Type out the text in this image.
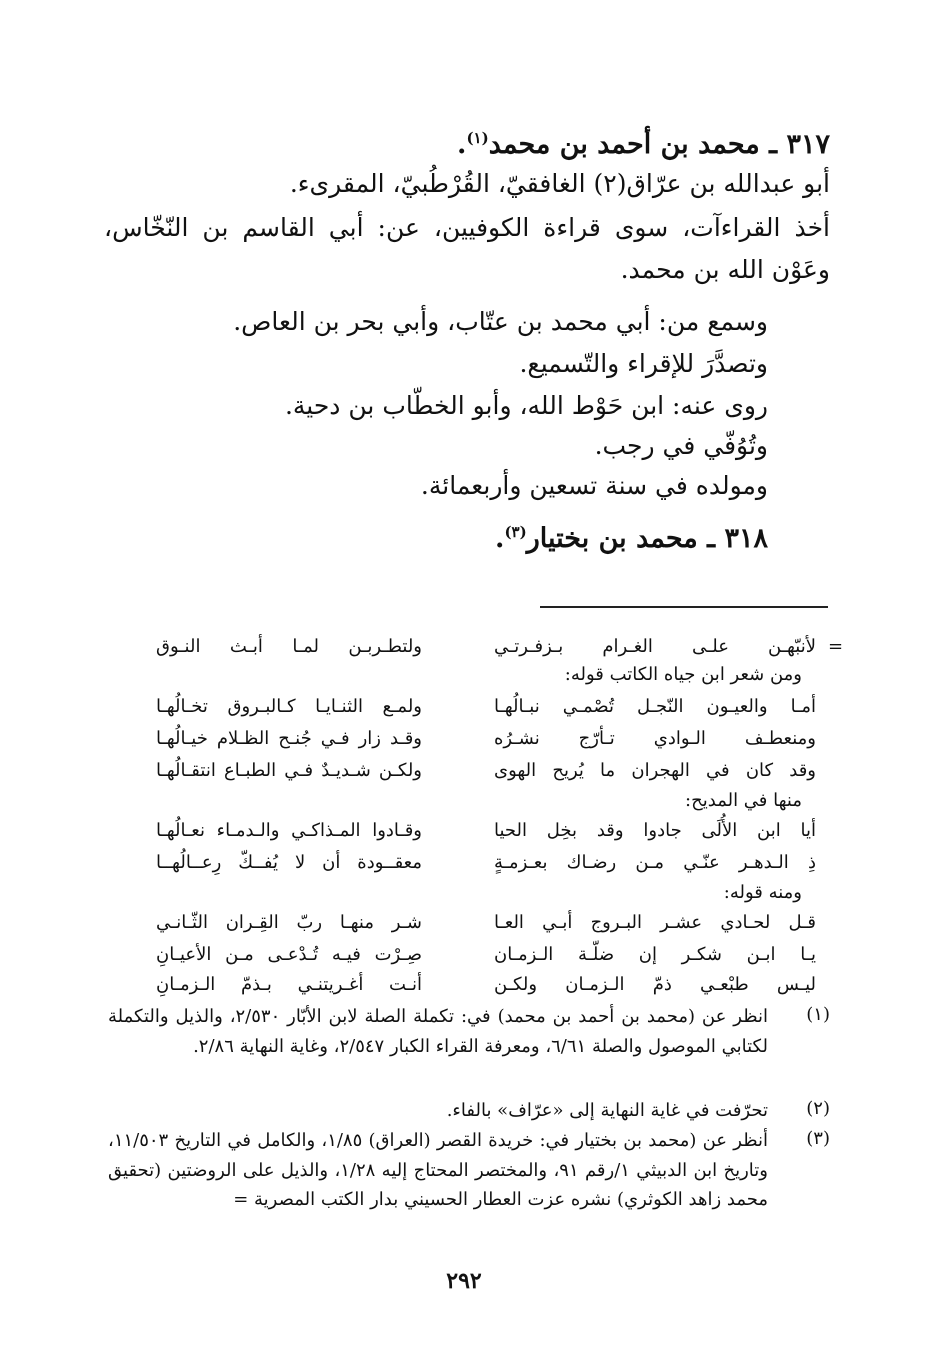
٣١٧ ـ محمد بن أحمد بن محمد$^{(١)}$.
أبو عبدالله بن عرّاق(٢) الغافقيّ، القُرْطُبيّ، المقرىء.
أخذ القراءآت، سوى قراءة الكوفيين، عن: أبي القاسم بن النّخّاس،
وعَوْن الله بن محمد.
وسمع من: أبي محمد بن عتّاب، وأبي بحر بن العاص.
وتصدَّرَ للإقراء والتّسميع.
روى عنه: ابن حَوْط الله، وأبو الخطّاب بن دحية.
وتُوُفّي في رجب.
ومولده في سنة تسعين وأربعمائة.
٣١٨ ـ محمد بن بختيار$^{(٣)}$.
=
لأنبّهـن علـى الغـرام بـزفـرتـي
ولتطـربـن لمـا أبـث النـوق
ومن شعر ابن جياه الكاتب قوله:
أمـا والعيـون النّجـل تُصْمـي نبـالُهـا
ولمـع الثنـايـا كـالبـروق تخـالُهـا
ومنعطـف الـوادي تـأرّج نشـرُه
وقـد زار فـي جُنـح الظـلام خيـالُهـا
وقد كان في الهجران ما يُريح الهوى
ولكـن شـديـدٌ فـي الطبـاع انتقـالُهـا
منها في المديح:
أيا ابن الأُلَى جادوا وقد بخِل الحيا
وقـادوا المـذاكـي والـدمـاء نعـالُهـا
ذِ الـدهـر عنّـي مـن رضـاك بعـزمـةٍ
معقــودة أن لا يُفــكّ رِعــالُهــا
ومنه قوله:
قـل لحـادي عشـر البـروج أبـي العـا
شـر منهـا ربّ القِـران الثّـانـي
يـا ابـن شكـر إن ضلّـة الـزمـان
صِـرْت فيـه تُـدْعـى مـن الأعيـانِ
ليـس طبْعـي ذمّ الـزمـان ولكـن
أنـت أغـريتنـي بـذمّ الـزمـانِ
(١)
انظر عن (محمد بن أحمد بن محمد) في: تكملة الصلة لابن الأبّار ٢/٥٣٠، والذيل والتكملة لكتابي الموصول والصلة ٦/٦١، ومعرفة القراء الكبار ٢/٥٤٧، وغاية النهاية ٢/٨٦.
(٢)
تحرّفت في غاية النهاية إلى «عرّاف» بالفاء.
(٣)
أنظر عن (محمد بن بختيار في: خريدة القصر (العراق) ١/٨٥، والكامل في التاريخ ١١/٥٠٣، وتاريخ ابن الدبيثي ١/رقم ٩١، والمختصر المحتاج إليه ١/٢٨، والذيل على الروضتين (تحقيق محمد زاهد الكوثري) نشره عزت العطار الحسيني بدار الكتب المصرية =
٢٩٢
